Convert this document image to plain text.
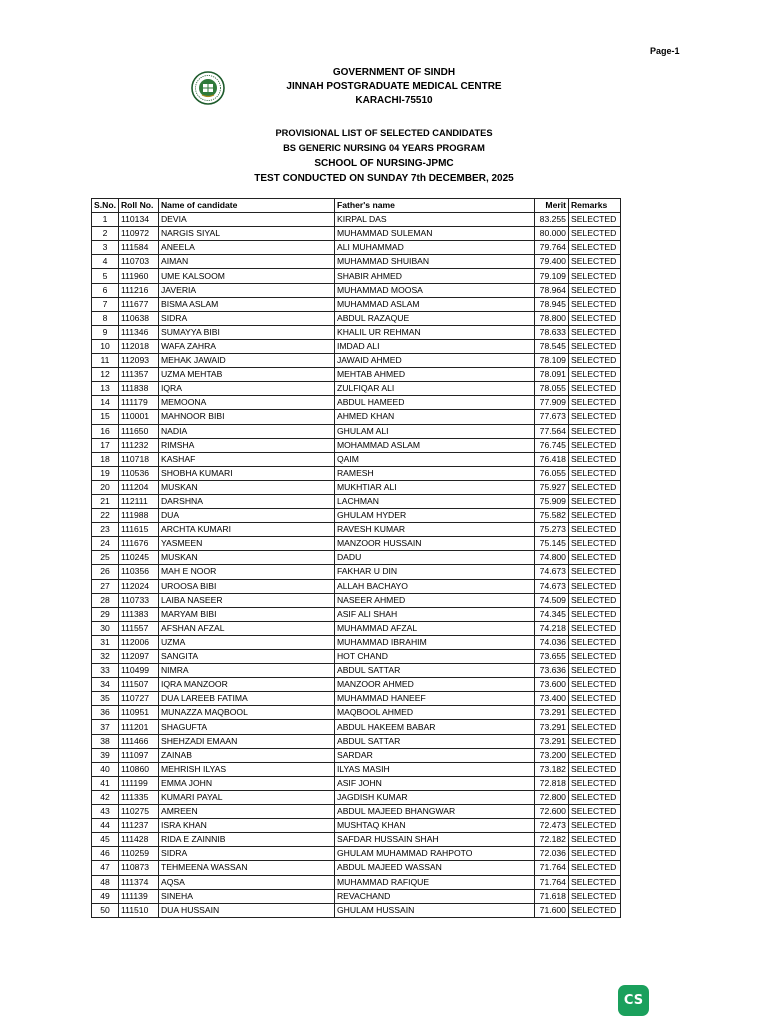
Page-1
GOVERNMENT OF SINDH
JINNAH POSTGRADUATE MEDICAL CENTRE
KARACHI-75510
PROVISIONAL LIST OF SELECTED CANDIDATES
BS GENERIC NURSING 04 YEARS PROGRAM
SCHOOL OF NURSING-JPMC
TEST CONDUCTED ON SUNDAY 7th DECEMBER, 2025
S.No.	Roll No.	Name of candidate	Father's name	Merit	Remarks
1	110134	DEVIA	KIRPAL DAS	83.255	SELECTED
2	110972	NARGIS SIYAL	MUHAMMAD SULEMAN	80.000	SELECTED
3	111584	ANEELA	ALI MUHAMMAD	79.764	SELECTED
4	110703	AIMAN	MUHAMMAD SHUIBAN	79.400	SELECTED
5	111960	UME KALSOOM	SHABIR AHMED	79.109	SELECTED
6	111216	JAVERIA	MUHAMMAD MOOSA	78.964	SELECTED
7	111677	BISMA ASLAM	MUHAMMAD ASLAM	78.945	SELECTED
8	110638	SIDRA	ABDUL RAZAQUE	78.800	SELECTED
9	111346	SUMAYYA BIBI	KHALIL UR REHMAN	78.633	SELECTED
10	112018	WAFA ZAHRA	IMDAD ALI	78.545	SELECTED
11	112093	MEHAK JAWAID	JAWAID AHMED	78.109	SELECTED
12	111357	UZMA MEHTAB	MEHTAB AHMED	78.091	SELECTED
13	111838	IQRA	ZULFIQAR ALI	78.055	SELECTED
14	111179	MEMOONA	ABDUL HAMEED	77.909	SELECTED
15	110001	MAHNOOR BIBI	AHMED KHAN	77.673	SELECTED
16	111650	NADIA	GHULAM ALI	77.564	SELECTED
17	111232	RIMSHA	MOHAMMAD ASLAM	76.745	SELECTED
18	110718	KASHAF	QAIM	76.418	SELECTED
19	110536	SHOBHA KUMARI	RAMESH	76.055	SELECTED
20	111204	MUSKAN	MUKHTIAR ALI	75.927	SELECTED
21	112111	DARSHNA	LACHMAN	75.909	SELECTED
22	111988	DUA	GHULAM HYDER	75.582	SELECTED
23	111615	ARCHTA KUMARI	RAVESH KUMAR	75.273	SELECTED
24	111676	YASMEEN	MANZOOR HUSSAIN	75.145	SELECTED
25	110245	MUSKAN	DADU	74.800	SELECTED
26	110356	MAH E NOOR	FAKHAR U DIN	74.673	SELECTED
27	112024	UROOSA BIBI	ALLAH BACHAYO	74.673	SELECTED
28	110733	LAIBA NASEER	NASEER AHMED	74.509	SELECTED
29	111383	MARYAM BIBI	ASIF ALI SHAH	74.345	SELECTED
30	111557	AFSHAN AFZAL	MUHAMMAD AFZAL	74.218	SELECTED
31	112006	UZMA	MUHAMMAD IBRAHIM	74.036	SELECTED
32	112097	SANGITA	HOT CHAND	73.655	SELECTED
33	110499	NIMRA	ABDUL SATTAR	73.636	SELECTED
34	111507	IQRA MANZOOR	MANZOOR AHMED	73.600	SELECTED
35	110727	DUA LAREEB FATIMA	MUHAMMAD HANEEF	73.400	SELECTED
36	110951	MUNAZZA MAQBOOL	MAQBOOL AHMED	73.291	SELECTED
37	111201	SHAGUFTA	ABDUL HAKEEM BABAR	73.291	SELECTED
38	111466	SHEHZADI EMAAN	ABDUL SATTAR	73.291	SELECTED
39	111097	ZAINAB	SARDAR	73.200	SELECTED
40	110860	MEHRISH ILYAS	ILYAS MASIH	73.182	SELECTED
41	111199	EMMA JOHN	ASIF JOHN	72.818	SELECTED
42	111335	KUMARI PAYAL	JAGDISH KUMAR	72.800	SELECTED
43	110275	AMREEN	ABDUL MAJEED BHANGWAR	72.600	SELECTED
44	111237	ISRA KHAN	MUSHTAQ KHAN	72.473	SELECTED
45	111428	RIDA E ZAINNIB	SAFDAR HUSSAIN SHAH	72.182	SELECTED
46	110259	SIDRA	GHULAM MUHAMMAD RAHPOTO	72.036	SELECTED
47	110873	TEHMEENA WASSAN	ABDUL MAJEED WASSAN	71.764	SELECTED
48	111374	AQSA	MUHAMMAD RAFIQUE	71.764	SELECTED
49	111139	SINEHA	REVACHAND	71.618	SELECTED
50	111510	DUA HUSSAIN	GHULAM HUSSAIN	71.600	SELECTED
CS
